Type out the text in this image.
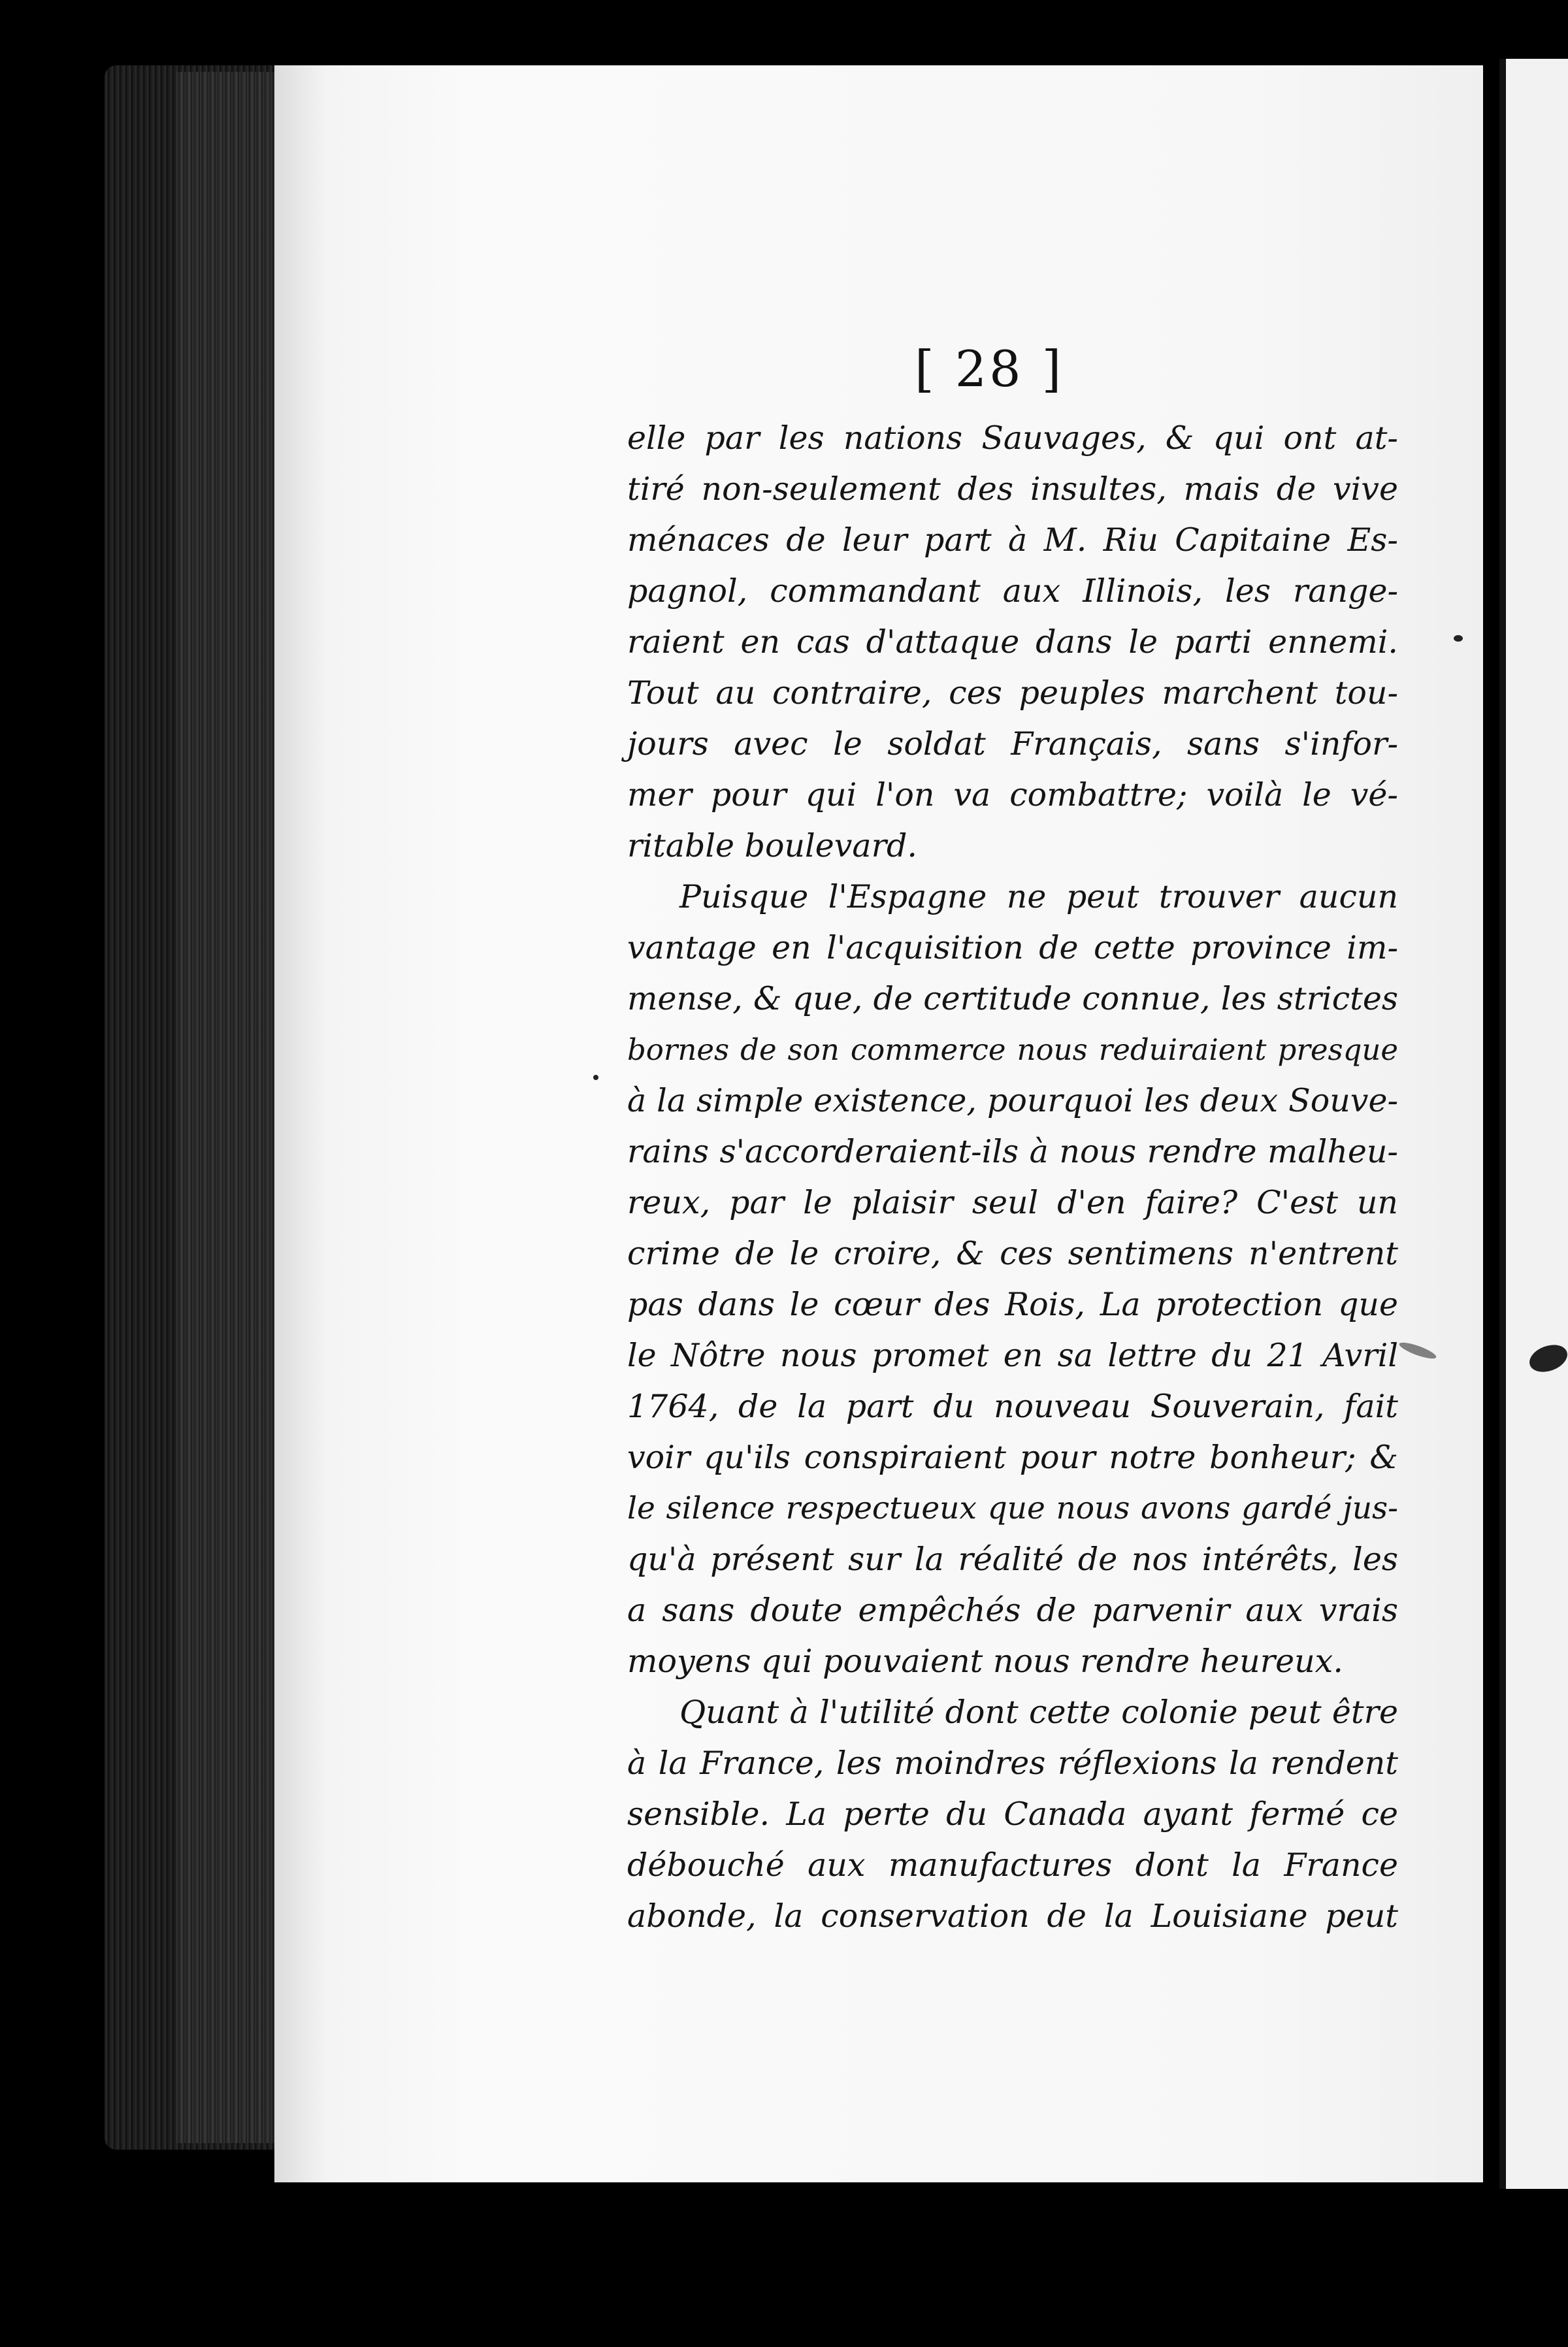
[ 28 ]
elle par les nations Sauvages, & qui ont at-
tiré non-seulement des insultes, mais de vive
ménaces de leur part à M. Riu Capitaine Es-
pagnol, commandant aux Illinois, les range-
raient en cas d'attaque dans le parti ennemi.
Tout au contraire, ces peuples marchent tou-
jours avec le soldat Français, sans s'infor-
mer pour qui l'on va combattre; voilà le vé-
ritable boulevard.
Puisque l'Espagne ne peut trouver aucun
vantage en l'acquisition de cette province im-
mense, & que, de certitude connue, les strictes
bornes de son commerce nous reduiraient presque
à la simple existence, pourquoi les deux Souve-
rains s'accorderaient-ils à nous rendre malheu-
reux, par le plaisir seul d'en faire? C'est un
crime de le croire, & ces sentimens n'entrent
pas dans le cœur des Rois, La protection que
le Nôtre nous promet en sa lettre du 21 Avril
1764, de la part du nouveau Souverain, fait
voir qu'ils conspiraient pour notre bonheur; &
le silence respectueux que nous avons gardé jus-
qu'à présent sur la réalité de nos intérêts, les
a sans doute empêchés de parvenir aux vrais
moyens qui pouvaient nous rendre heureux.
Quant à l'utilité dont cette colonie peut être
à la France, les moindres réflexions la rendent
sensible. La perte du Canada ayant fermé ce
débouché aux manufactures dont la France
abonde, la conservation de la Louisiane peut
